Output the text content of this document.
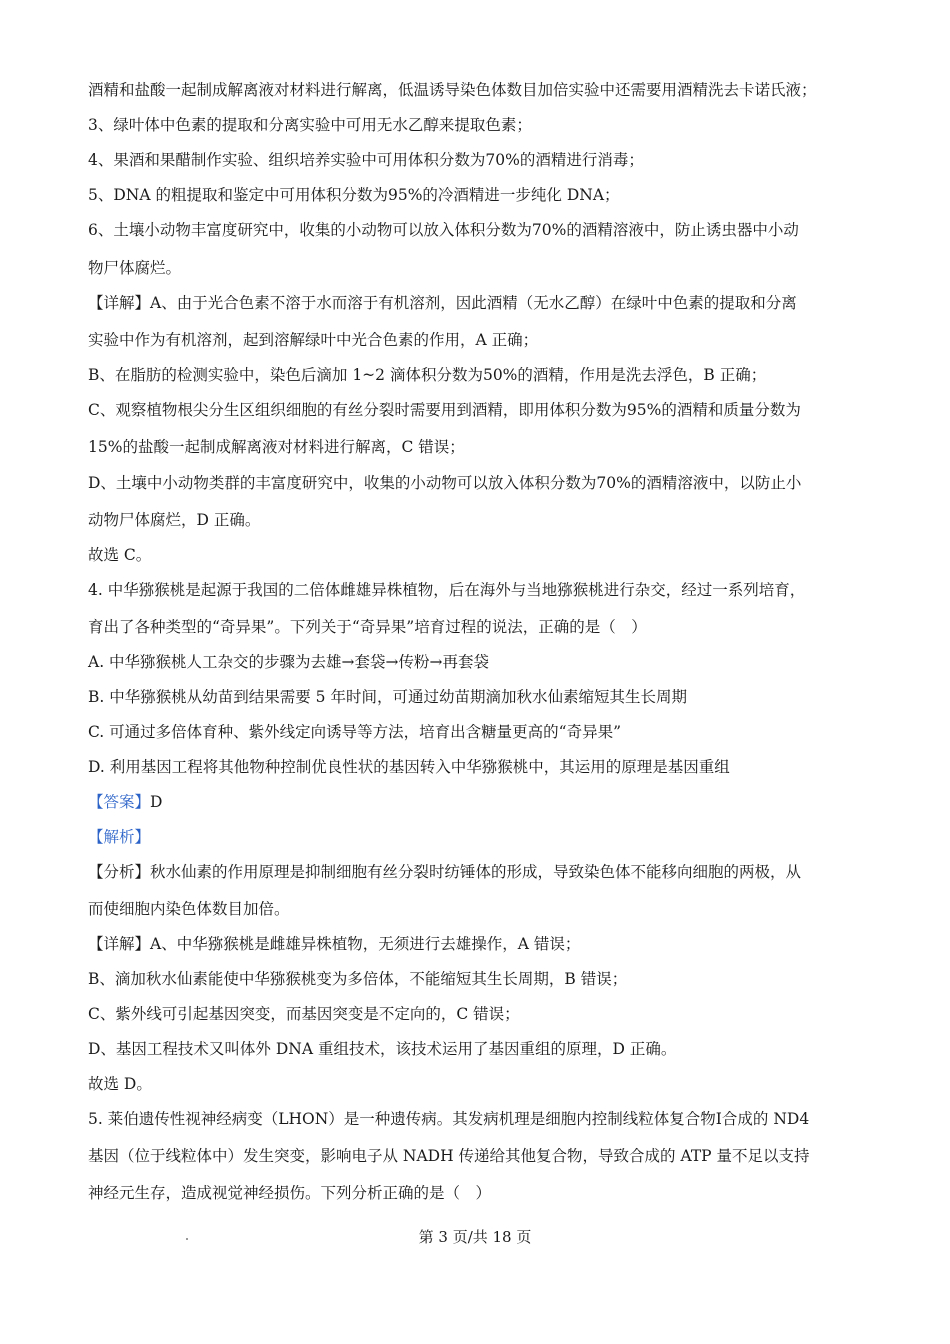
酒精和盐酸一起制成解离液对材料进行解离，低温诱导染色体数目加倍实验中还需要用酒精洗去卡诺氏液；
3、绿叶体中色素的提取和分离实验中可用无水乙醇来提取色素；
4、果酒和果醋制作实验、组织培养实验中可用体积分数为70%的酒精进行消毒；
5、DNA 的粗提取和鉴定中可用体积分数为95%的冷酒精进一步纯化 DNA；
6、土壤小动物丰富度研究中，收集的小动物可以放入体积分数为70%的酒精溶液中，防止诱虫器中小动
物尸体腐烂。
【详解】A、由于光合色素不溶于水而溶于有机溶剂，因此酒精（无水乙醇）在绿叶中色素的提取和分离
实验中作为有机溶剂，起到溶解绿叶中光合色素的作用，A 正确；
B、在脂肪的检测实验中，染色后滴加 1~2 滴体积分数为50%的酒精，作用是洗去浮色，B 正确；
C、观察植物根尖分生区组织细胞的有丝分裂时需要用到酒精，即用体积分数为95%的酒精和质量分数为
15%的盐酸一起制成解离液对材料进行解离，C 错误；
D、土壤中小动物类群的丰富度研究中，收集的小动物可以放入体积分数为70%的酒精溶液中，以防止小
动物尸体腐烂，D 正确。
故选 C。
4. 中华猕猴桃是起源于我国的二倍体雌雄异株植物，后在海外与当地猕猴桃进行杂交，经过一系列培育，
育出了各种类型的“奇异果”。下列关于“奇异果”培育过程的说法，正确的是（　）
A. 中华猕猴桃人工杂交的步骤为去雄→套袋→传粉→再套袋
B. 中华猕猴桃从幼苗到结果需要 5 年时间，可通过幼苗期滴加秋水仙素缩短其生长周期
C. 可通过多倍体育种、紫外线定向诱导等方法，培育出含糖量更高的“奇异果”
D. 利用基因工程将其他物种控制优良性状的基因转入中华猕猴桃中，其运用的原理是基因重组
【答案】D
【解析】
【分析】秋水仙素的作用原理是抑制细胞有丝分裂时纺锤体的形成，导致染色体不能移向细胞的两极，从
而使细胞内染色体数目加倍。
【详解】A、中华猕猴桃是雌雄异株植物，无须进行去雄操作，A 错误；
B、滴加秋水仙素能使中华猕猴桃变为多倍体，不能缩短其生长周期，B 错误；
C、紫外线可引起基因突变，而基因突变是不定向的，C 错误；
D、基因工程技术又叫体外 DNA 重组技术，该技术运用了基因重组的原理，D 正确。
故选 D。
5. 莱伯遗传性视神经病变（LHON）是一种遗传病。其发病机理是细胞内控制线粒体复合物Ⅰ合成的 ND4
基因（位于线粒体中）发生突变，影响电子从 NADH 传递给其他复合物，导致合成的 ATP 量不足以支持
神经元生存，造成视觉神经损伤。下列分析正确的是（　）
第 3 页/共 18 页
